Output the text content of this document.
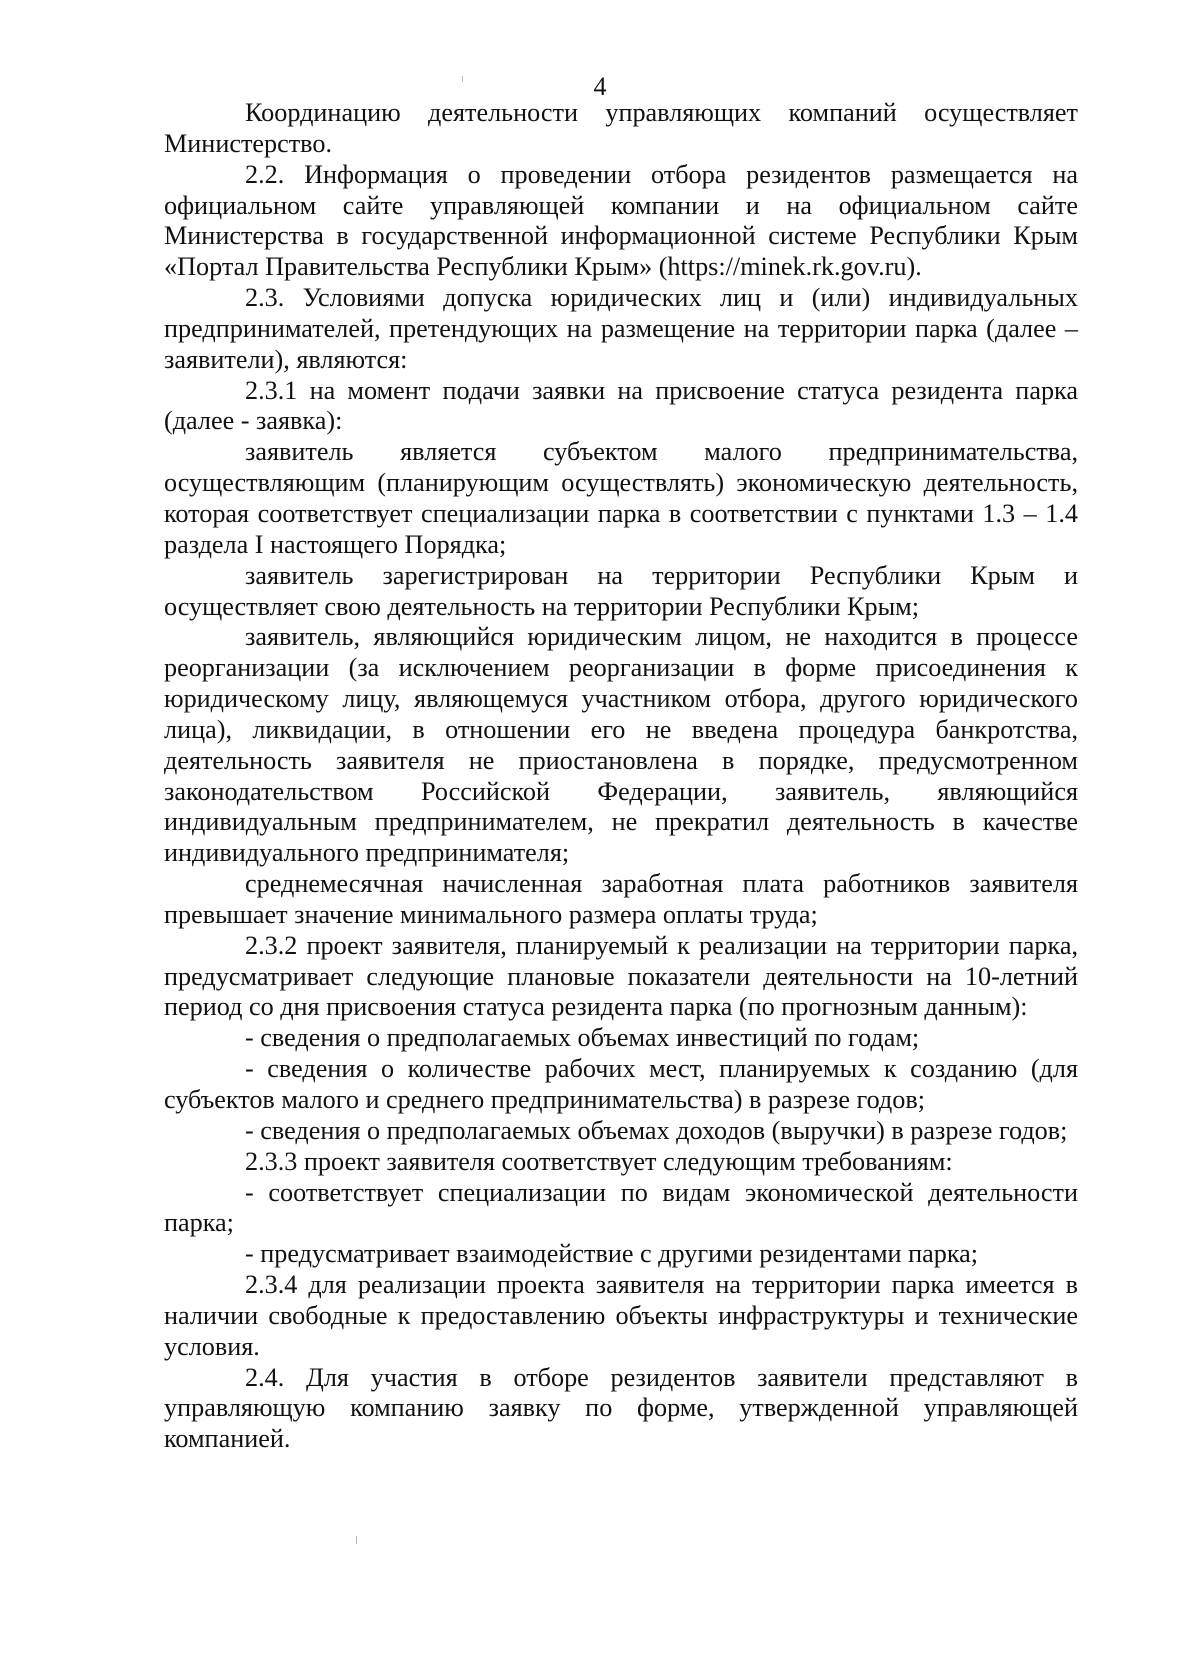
4

Координацию деятельности управляющих компаний осуществляет Министерство.

2.2. Информация о проведении отбора резидентов размещается на официальном сайте управляющей компании и на официальном сайте Министерства в государственной информационной системе Республики Крым «Портал Правительства Республики Крым» (https://minek.rk.gov.ru).

2.3. Условиями допуска юридических лиц и (или) индивидуальных предпринимателей, претендующих на размещение на территории парка (далее – заявители), являются:

2.3.1 на момент подачи заявки на присвоение статуса резидента парка (далее - заявка):

заявитель является субъектом малого предпринимательства, осуществляющим (планирующим осуществлять) экономическую деятельность, которая соответствует специализации парка в соответствии с пунктами 1.3 – 1.4 раздела I настоящего Порядка;

заявитель зарегистрирован на территории Республики Крым и осуществляет свою деятельность на территории Республики Крым;

заявитель, являющийся юридическим лицом, не находится в процессе реорганизации (за исключением реорганизации в форме присоединения к юридическому лицу, являющемуся участником отбора, другого юридического лица), ликвидации, в отношении его не введена процедура банкротства, деятельность заявителя не приостановлена в порядке, предусмотренном законодательством Российской Федерации, заявитель, являющийся индивидуальным предпринимателем, не прекратил деятельность в качестве индивидуального предпринимателя;

среднемесячная начисленная заработная плата работников заявителя превышает значение минимального размера оплаты труда;

2.3.2 проект заявителя, планируемый к реализации на территории парка, предусматривает следующие плановые показатели деятельности на 10-летний период со дня присвоения статуса резидента парка (по прогнозным данным):

- сведения о предполагаемых объемах инвестиций по годам;

- сведения о количестве рабочих мест, планируемых к созданию (для субъектов малого и среднего предпринимательства) в разрезе годов;

- сведения о предполагаемых объемах доходов (выручки) в разрезе годов;

2.3.3 проект заявителя соответствует следующим требованиям:

- соответствует специализации по видам экономической деятельности парка;

- предусматривает взаимодействие с другими резидентами парка;

2.3.4 для реализации проекта заявителя на территории парка имеется в наличии свободные к предоставлению объекты инфраструктуры и технические условия.

2.4. Для участия в отборе резидентов заявители представляют в управляющую компанию заявку по форме, утвержденной управляющей компанией.
